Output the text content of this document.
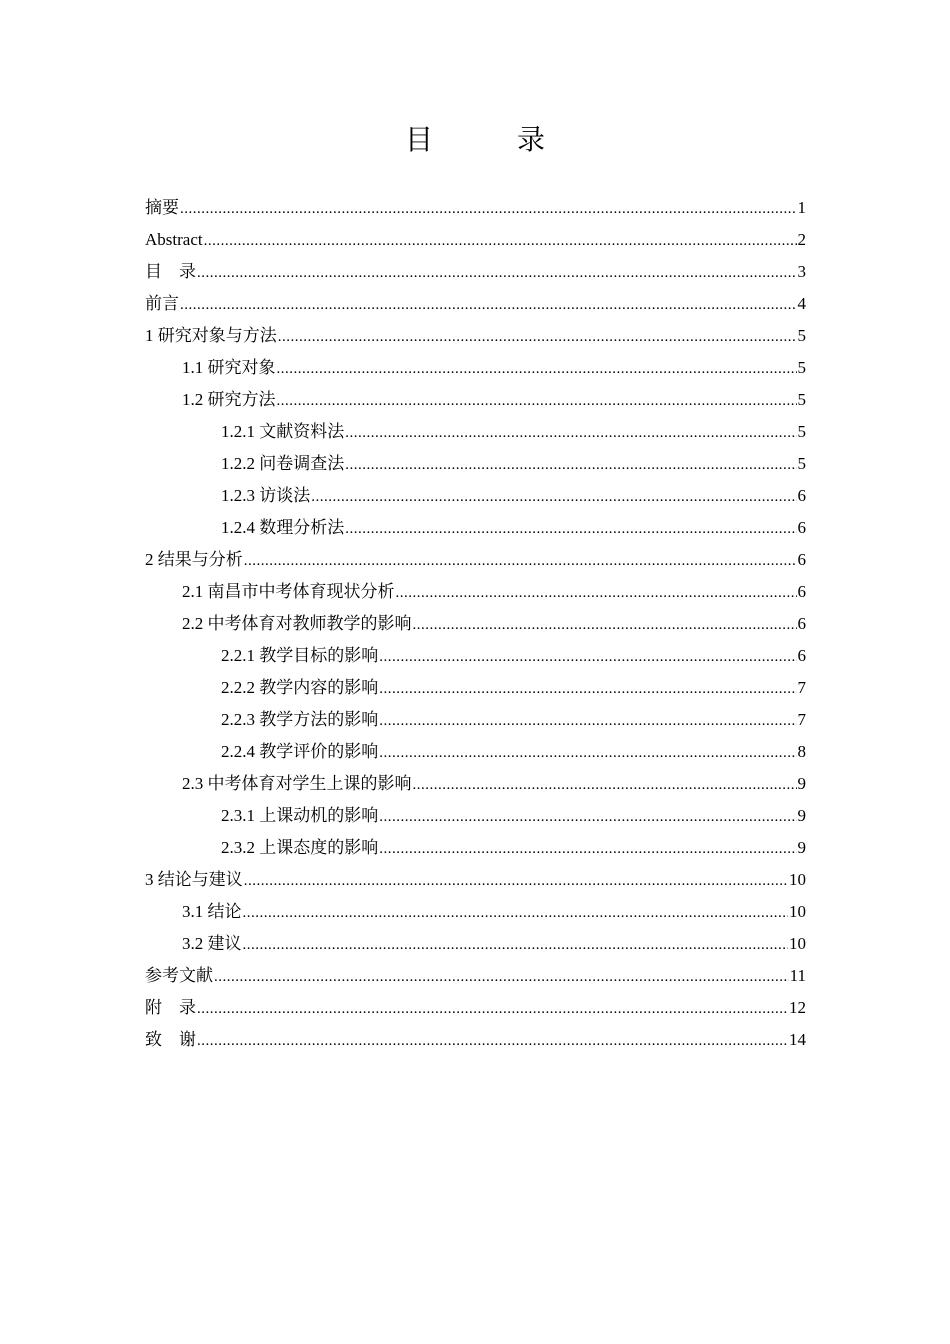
目　录
摘要 .....	1
Abstract .....	2
目　录 .....	3
前言 .....	4
1 研究对象与方法 .....	5
1.1 研究对象 .....	5
1.2 研究方法 .....	5
1.2.1 文献资料法 .....	5
1.2.2 问卷调查法 .....	5
1.2.3 访谈法 .....	6
1.2.4 数理分析法 .....	6
2 结果与分析 .....	6
2.1 南昌市中考体育现状分析 .....	6
2.2 中考体育对教师教学的影响 .....	6
2.2.1 教学目标的影响 .....	6
2.2.2 教学内容的影响 .....	7
2.2.3 教学方法的影响 .....	7
2.2.4 教学评价的影响 .....	8
2.3 中考体育对学生上课的影响 .....	9
2.3.1 上课动机的影响 .....	9
2.3.2 上课态度的影响 .....	9
3 结论与建议 .....	10
3.1 结论 .....	10
3.2 建议 .....	10
参考文献 .....	11
附　录 .....	12
致　谢 .....	14
